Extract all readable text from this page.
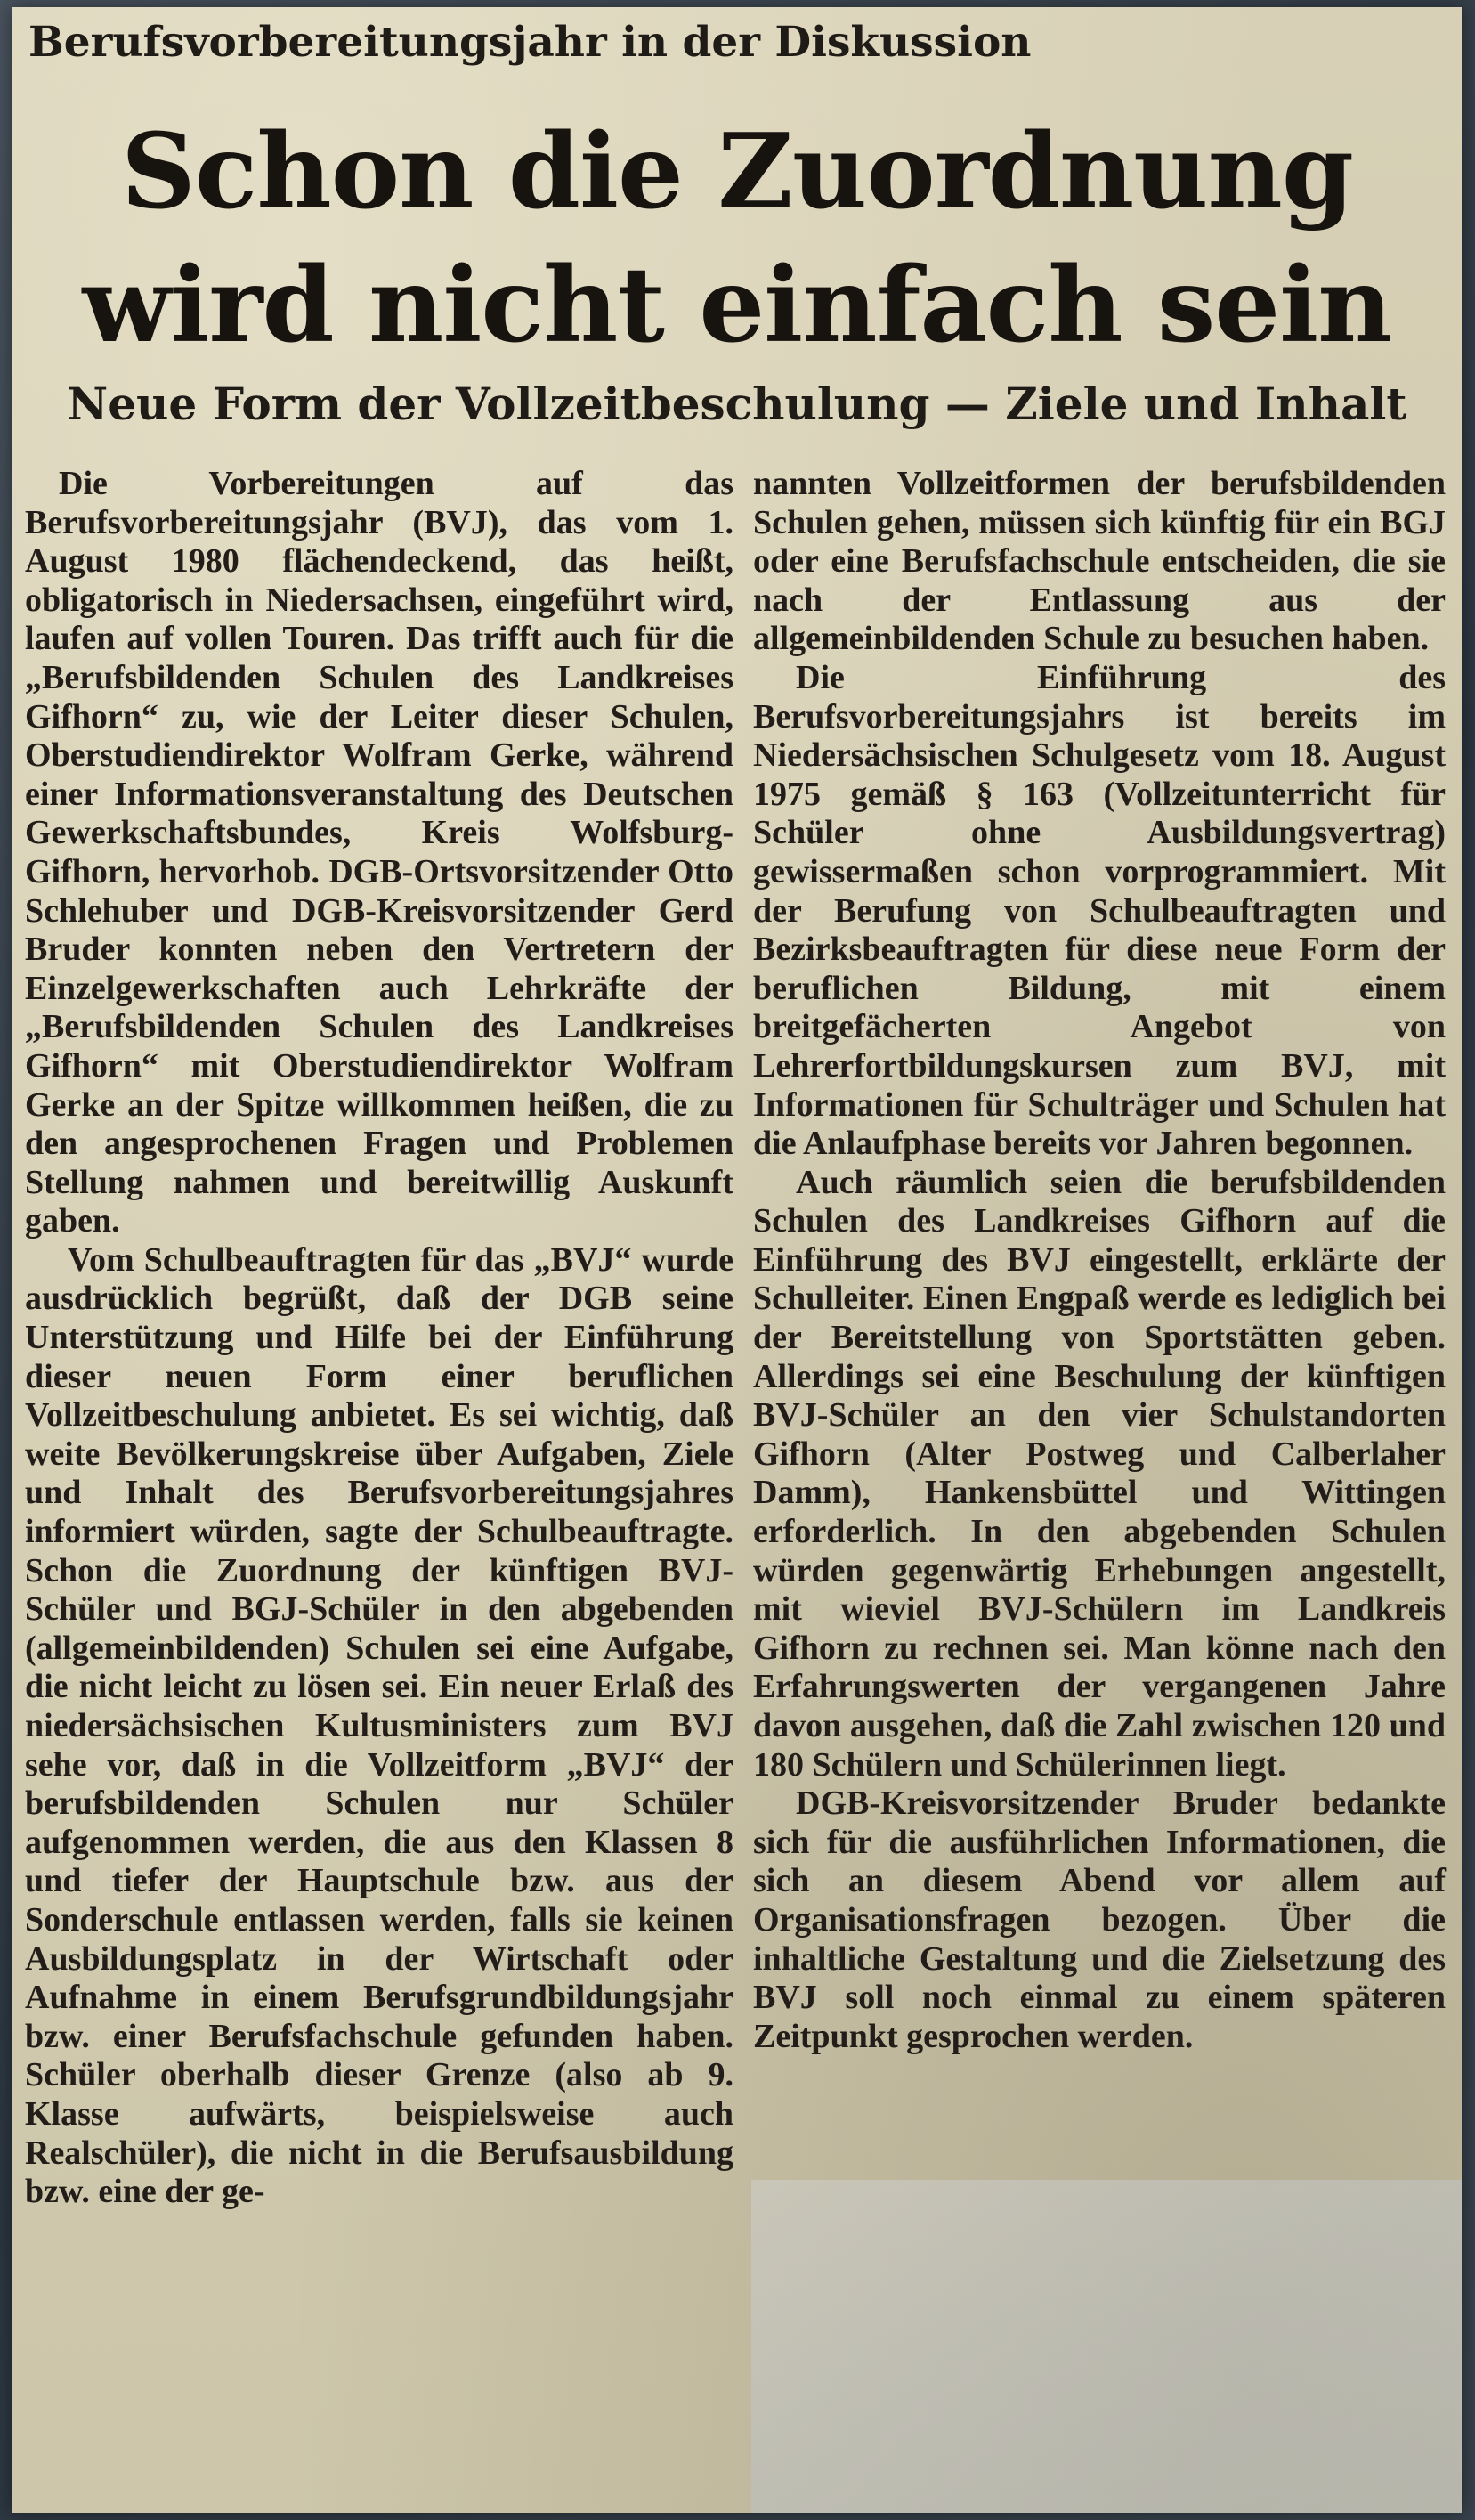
Berufsvorbereitungsjahr in der Diskussion
Schon die Zuordnung
wird nicht einfach sein
Neue Form der Vollzeitbeschulung — Ziele und Inhalt

Die Vorbereitungen auf das Berufsvorbereitungsjahr (BVJ), das vom 1. August 1980 flächendeckend, das heißt, obligatorisch in Niedersachsen, eingeführt wird, laufen auf vollen Touren. Das trifft auch für die „Berufsbildenden Schulen des Landkreises Gifhorn“ zu, wie der Leiter dieser Schulen, Oberstudiendirektor Wolfram Gerke, während einer Informationsveranstaltung des Deutschen Gewerkschaftsbundes, Kreis Wolfsburg-Gifhorn, hervorhob. DGB-Ortsvorsitzender Otto Schlehuber und DGB-Kreisvorsitzender Gerd Bruder konnten neben den Vertretern der Einzelgewerkschaften auch Lehrkräfte der „Berufsbildenden Schulen des Landkreises Gifhorn“ mit Oberstudiendirektor Wolfram Gerke an der Spitze willkommen heißen, die zu den angesprochenen Fragen und Problemen Stellung nahmen und bereitwillig Auskunft gaben.

Vom Schulbeauftragten für das „BVJ“ wurde ausdrücklich begrüßt, daß der DGB seine Unterstützung und Hilfe bei der Einführung dieser neuen Form einer beruflichen Vollzeitbeschulung anbietet. Es sei wichtig, daß weite Bevölkerungskreise über Aufgaben, Ziele und Inhalt des Berufsvorbereitungsjahres informiert würden, sagte der Schulbeauftragte. Schon die Zuordnung der künftigen BVJ-Schüler und BGJ-Schüler in den abgebenden (allgemeinbildenden) Schulen sei eine Aufgabe, die nicht leicht zu lösen sei. Ein neuer Erlaß des niedersächsischen Kultusministers zum BVJ sehe vor, daß in die Vollzeitform „BVJ“ der berufsbildenden Schulen nur Schüler aufgenommen werden, die aus den Klassen 8 und tiefer der Hauptschule bzw. aus der Sonderschule entlassen werden, falls sie keinen Ausbildungsplatz in der Wirtschaft oder Aufnahme in einem Berufsgrundbildungsjahr bzw. einer Berufsfachschule gefunden haben. Schüler oberhalb dieser Grenze (also ab 9. Klasse aufwärts, beispielsweise auch Realschüler), die nicht in die Berufsausbildung bzw. eine der ge-

nannten Vollzeitformen der berufsbildenden Schulen gehen, müssen sich künftig für ein BGJ oder eine Berufsfachschule entscheiden, die sie nach der Entlassung aus der allgemeinbildenden Schule zu besuchen haben.

Die Einführung des Berufsvorbereitungsjahrs ist bereits im Niedersächsischen Schulgesetz vom 18. August 1975 gemäß § 163 (Vollzeitunterricht für Schüler ohne Ausbildungsvertrag) gewissermaßen schon vorprogrammiert. Mit der Berufung von Schulbeauftragten und Bezirksbeauftragten für diese neue Form der beruflichen Bildung, mit einem breitgefächerten Angebot von Lehrerfortbildungskursen zum BVJ, mit Informationen für Schulträger und Schulen hat die Anlaufphase bereits vor Jahren begonnen.

Auch räumlich seien die berufsbildenden Schulen des Landkreises Gifhorn auf die Einführung des BVJ eingestellt, erklärte der Schulleiter. Einen Engpaß werde es lediglich bei der Bereitstellung von Sportstätten geben. Allerdings sei eine Beschulung der künftigen BVJ-Schüler an den vier Schulstandorten Gifhorn (Alter Postweg und Calberlaher Damm), Hankensbüttel und Wittingen erforderlich. In den abgebenden Schulen würden gegenwärtig Erhebungen angestellt, mit wieviel BVJ-Schülern im Landkreis Gifhorn zu rechnen sei. Man könne nach den Erfahrungswerten der vergangenen Jahre davon ausgehen, daß die Zahl zwischen 120 und 180 Schülern und Schülerinnen liegt.

DGB-Kreisvorsitzender Bruder bedankte sich für die ausführlichen Informationen, die sich an diesem Abend vor allem auf Organisationsfragen bezogen. Über die inhaltliche Gestaltung und die Zielsetzung des BVJ soll noch einmal zu einem späteren Zeitpunkt gesprochen werden.
